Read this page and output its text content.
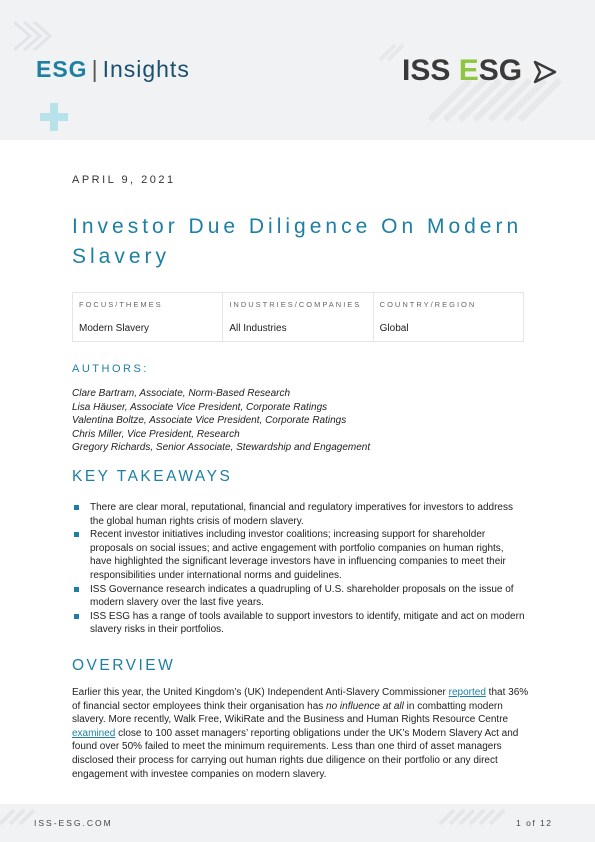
ESG | Insights	ISS ESG
APRIL 9, 2021
Investor Due Diligence On Modern Slavery
FOCUS/THEMES
Modern Slavery
INDUSTRIES/COMPANIES
All Industries
COUNTRY/REGION
Global
AUTHORS:
Clare Bartram, Associate, Norm-Based Research
Lisa Häuser, Associate Vice President, Corporate Ratings
Valentina Boltze, Associate Vice President, Corporate Ratings
Chris Miller, Vice President, Research
Gregory Richards, Senior Associate, Stewardship and Engagement
KEY TAKEAWAYS
There are clear moral, reputational, financial and regulatory imperatives for investors to address the global human rights crisis of modern slavery.
Recent investor initiatives including investor coalitions; increasing support for shareholder proposals on social issues; and active engagement with portfolio companies on human rights, have highlighted the significant leverage investors have in influencing companies to meet their responsibilities under international norms and guidelines.
ISS Governance research indicates a quadrupling of U.S. shareholder proposals on the issue of modern slavery over the last five years.
ISS ESG has a range of tools available to support investors to identify, mitigate and act on modern slavery risks in their portfolios.
OVERVIEW
Earlier this year, the United Kingdom’s (UK) Independent Anti-Slavery Commissioner reported that 36% of financial sector employees think their organisation has no influence at all in combatting modern slavery. More recently, Walk Free, WikiRate and the Business and Human Rights Resource Centre examined close to 100 asset managers’ reporting obligations under the UK’s Modern Slavery Act and found over 50% failed to meet the minimum requirements. Less than one third of asset managers disclosed their process for carrying out human rights due diligence on their portfolio or any direct engagement with investee companies on modern slavery.
ISS-ESG.COM	1 of 12
